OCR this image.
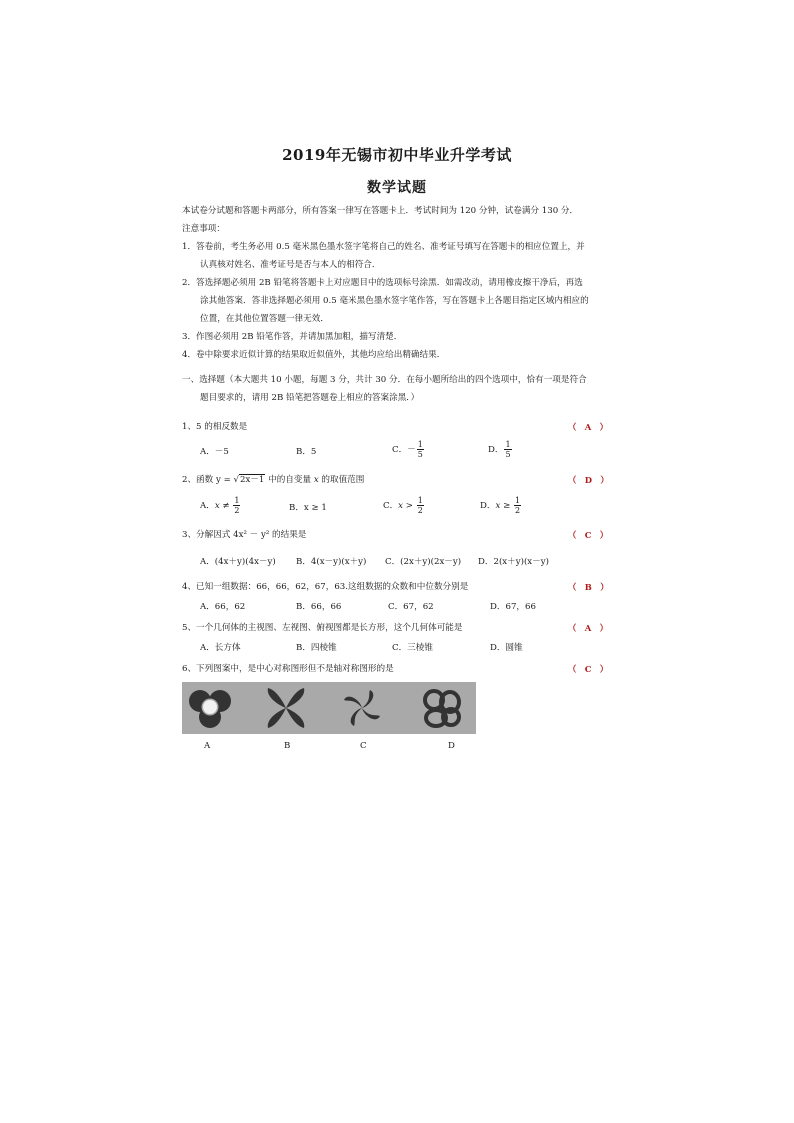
2019年无锡市初中毕业升学考试
数学试题
本试卷分试题和答题卡两部分，所有答案一律写在答题卡上．考试时间为 120 分钟，试卷满分 130 分．
注意事项：
1．答卷前，考生务必用 0.5 毫米黑色墨水签字笔将自己的姓名、准考证号填写在答题卡的相应位置上，并
认真核对姓名、准考证号是否与本人的相符合．
2．答选择题必须用 2B 铅笔将答题卡上对应题目中的选项标号涂黑．如需改动，请用橡皮擦干净后，再选
涂其他答案．答非选择题必须用 0.5 毫米黑色墨水签字笔作答，写在答题卡上各题目指定区域内相应的
位置，在其他位置答题一律无效．
3．作图必须用 2B 铅笔作答，并请加黑加粗，描写清楚．
4．卷中除要求近似计算的结果取近似值外，其他均应给出精确结果．
一、选择题（本大题共 10 小题，每题 3 分，共计 30 分．在每小题所给出的四个选项中，恰有一项是符合
题目要求的，请用 2B 铅笔把答题卷上相应的答案涂黑．）
1、5 的相反数是	（　A　）
A．－5	B．5	C．－ $\frac{1}{5}$	D． $\frac{1}{5}$
2、函数 y = √2x－1 中的自变量 x 的取值范围	（　D　）
A．$x \ne \frac{1}{2}$	B．x ≥ 1	C．$x > \frac{1}{2}$	D．$x \ge \frac{1}{2}$
3、分解因式 4x² － y² 的结果是	（　C　）
A．(4x＋y)(4x－y) B．4(x－y)(x＋y) C．(2x＋y)(2x－y) D．2(x＋y)(x－y)
4、已知一组数据：66，66，62，67，63.这组数据的众数和中位数分别是	（　B　）
A．66，62	B．66，66	C．67，62	D．67，66
5、一个几何体的主视图、左视图、俯视图都是长方形，这个几何体可能是	（　A　）
A．长方体	B．四棱锥	C．三棱锥	D．圆锥
6、下列图案中，是中心对称图形但不是轴对称图形的是	（　C　）
A	B	C	D
